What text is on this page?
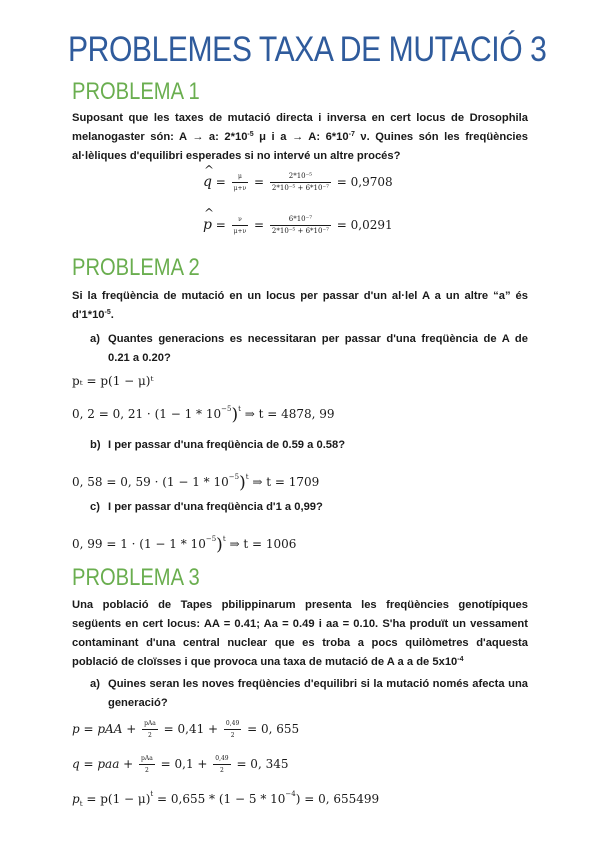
PROBLEMES TAXA DE MUTACIÓ 3
PROBLEMA 1
Suposant que les taxes de mutació directa i inversa en cert locus de Drosophila melanogaster són: A → a: $2*10^{-5}$ μ i a → A: $6*10^{-7}$ ν. Quines són les freqüències al·lèliques d'equilibri esperades si no intervé un altre procés?
^ $q = \frac{\mu}{\mu+\nu} = \frac{\text{2*10⁻⁵}}{\text{2*10⁻⁵ + 6*10⁻⁷}} = 0,9708$
^ $p = \frac{\nu}{\mu+\nu} = \frac{\text{6*10⁻⁷}}{\text{2*10⁻⁵ + 6*10⁻⁷}} = 0,0291$
PROBLEMA 2
Si la freqüència de mutació en un locus per passar d'un al·lel A a un altre “a” és $d'1*10^{-5}$.
a) Quantes generacions es necessitaran per passar d'una freqüència de A de 0.21 a 0.20?
pₜ = p(1 − μ)ᵗ
0, 2 = 0, $21 \cdot (1 - 1 * 10^{-5})^t$ ⇒ t = 4878, 99
b) I per passar d'una freqüència de 0.59 a 0.58?
0, 58 = 0, $59 \cdot (1 - 1 * 10^{-5})^t$ ⇒ t = 1709
c) I per passar d'una freqüència d'1 a 0,99?
0, $99 = 1 \cdot (1 - 1 * 10^{-5})^t$ ⇒ t = 1006
PROBLEMA 3
Una població de Tapes pbilippinarum presenta les freqüències genotípiques següents en cert locus: AA = 0.41; Aa = 0.49 i aa = 0.10. S'ha produït un vessament contaminant d'una central nuclear que es troba a pocs quilòmetres d'aquesta població de cloïsses i que provoca una taxa de mutació de A a a de $5x10^{-4}$
a) Quines seran les noves freqüències d'equilibri si la mutació només afecta una generació?
p = pAA + $\frac{\text{pAa}}{2} = 0,41 + \frac{0,49}{2} = 0$, 655
q = paa + $\frac{\text{pAa}}{2} = 0,1 + \frac{0,49}{2} = 0$, 345
$p_t = p(1 - \mu)^t = 0,655 * (1 - 5 * 10^{-4}) = 0$, 655499
